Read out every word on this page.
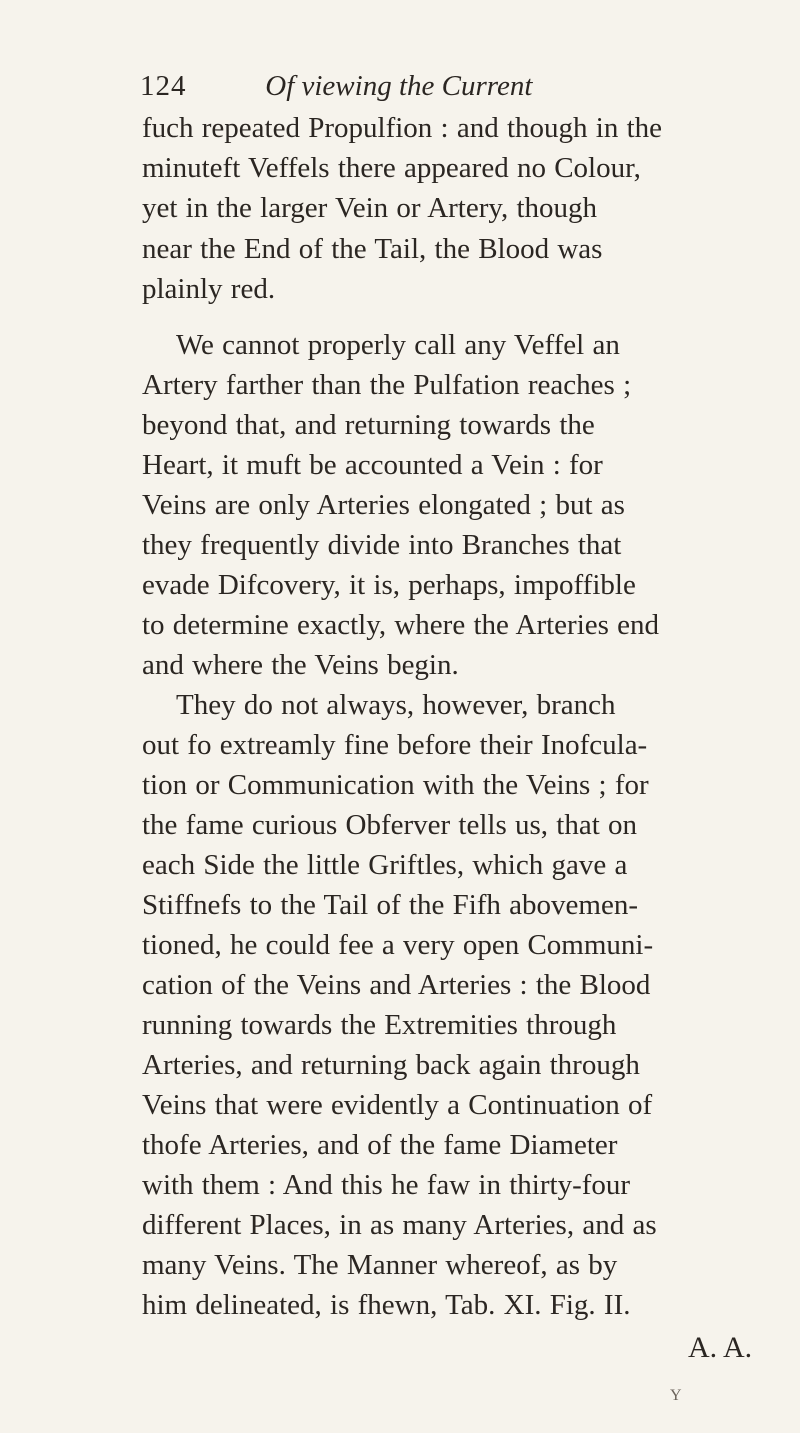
124	Of viewing the Current
fuch repeated Propulfion : and though in the
minuteft Veffels there appeared no Colour,
yet in the larger Vein or Artery, though
near the End of the Tail, the Blood was
plainly red.
We cannot properly call any Veffel an
Artery farther than the Pulfation reaches ;
beyond that, and returning towards the
Heart, it muft be accounted a Vein : for
Veins are only Arteries elongated ; but as
they frequently divide into Branches that
evade Difcovery, it is, perhaps, impoffible
to determine exactly, where the Arteries end
and where the Veins begin.
They do not always, however, branch
out fo extreamly fine before their Inofcula-
tion or Communication with the Veins ; for
the fame curious Obferver tells us, that on
each Side the little Griftles, which gave a
Stiffnefs to the Tail of the Fifh abovemen-
tioned, he could fee a very open Communi-
cation of the Veins and Arteries : the Blood
running towards the Extremities through
Arteries, and returning back again through
Veins that were evidently a Continuation of
thofe Arteries, and of the fame Diameter
with them : And this he faw in thirty-four
different Places, in as many Arteries, and as
many Veins. The Manner whereof, as by
him delineated, is fhewn, Tab. XI. Fig. II.
A. A.
Y
